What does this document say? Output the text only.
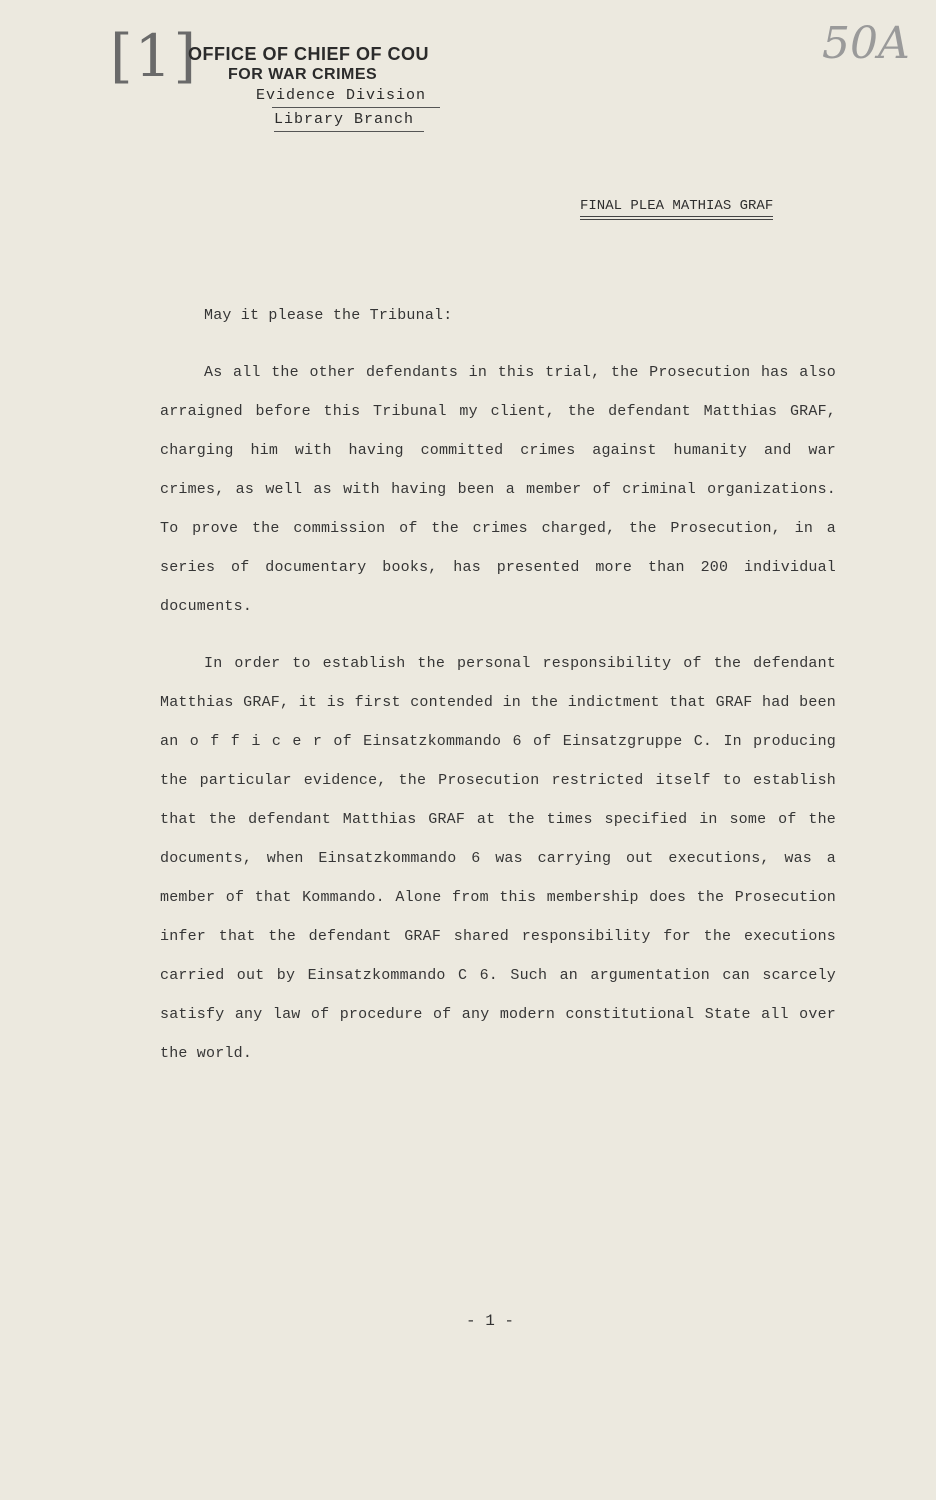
[1]	50A
OFFICE OF CHIEF OF COU
FOR WAR CRIMES
Evidence Division
Library Branch
FINAL PLEA MATHIAS GRAF
May it please the Tribunal:
As all the other defendants in this trial, the Prosecution has also arraigned before this Tribunal my client, the defendant Matthias GRAF, charging him with having committed crimes against humanity and war crimes, as well as with having been a member of criminal organizations. To prove the commission of the crimes charged, the Prosecution, in a series of documentary books, has presented more than 200 individual documents.
In order to establish the personal responsibility of the defendant Matthias GRAF, it is first contended in the indictment that GRAF had been an o f f i c e r of Einsatzkommando 6 of Einsatzgruppe C. In producing the particular evidence, the Prosecution restricted itself to establish that the defendant Matthias GRAF at the times specified in some of the documents, when Einsatzkommando 6 was carrying out executions, was a member of that Kommando. Alone from this membership does the Prosecution infer that the defendant GRAF shared responsibility for the executions carried out by Einsatzkommando C 6. Such an argumentation can scarcely satisfy any law of procedure of any modern constitutional State all over the world.
- 1 -
